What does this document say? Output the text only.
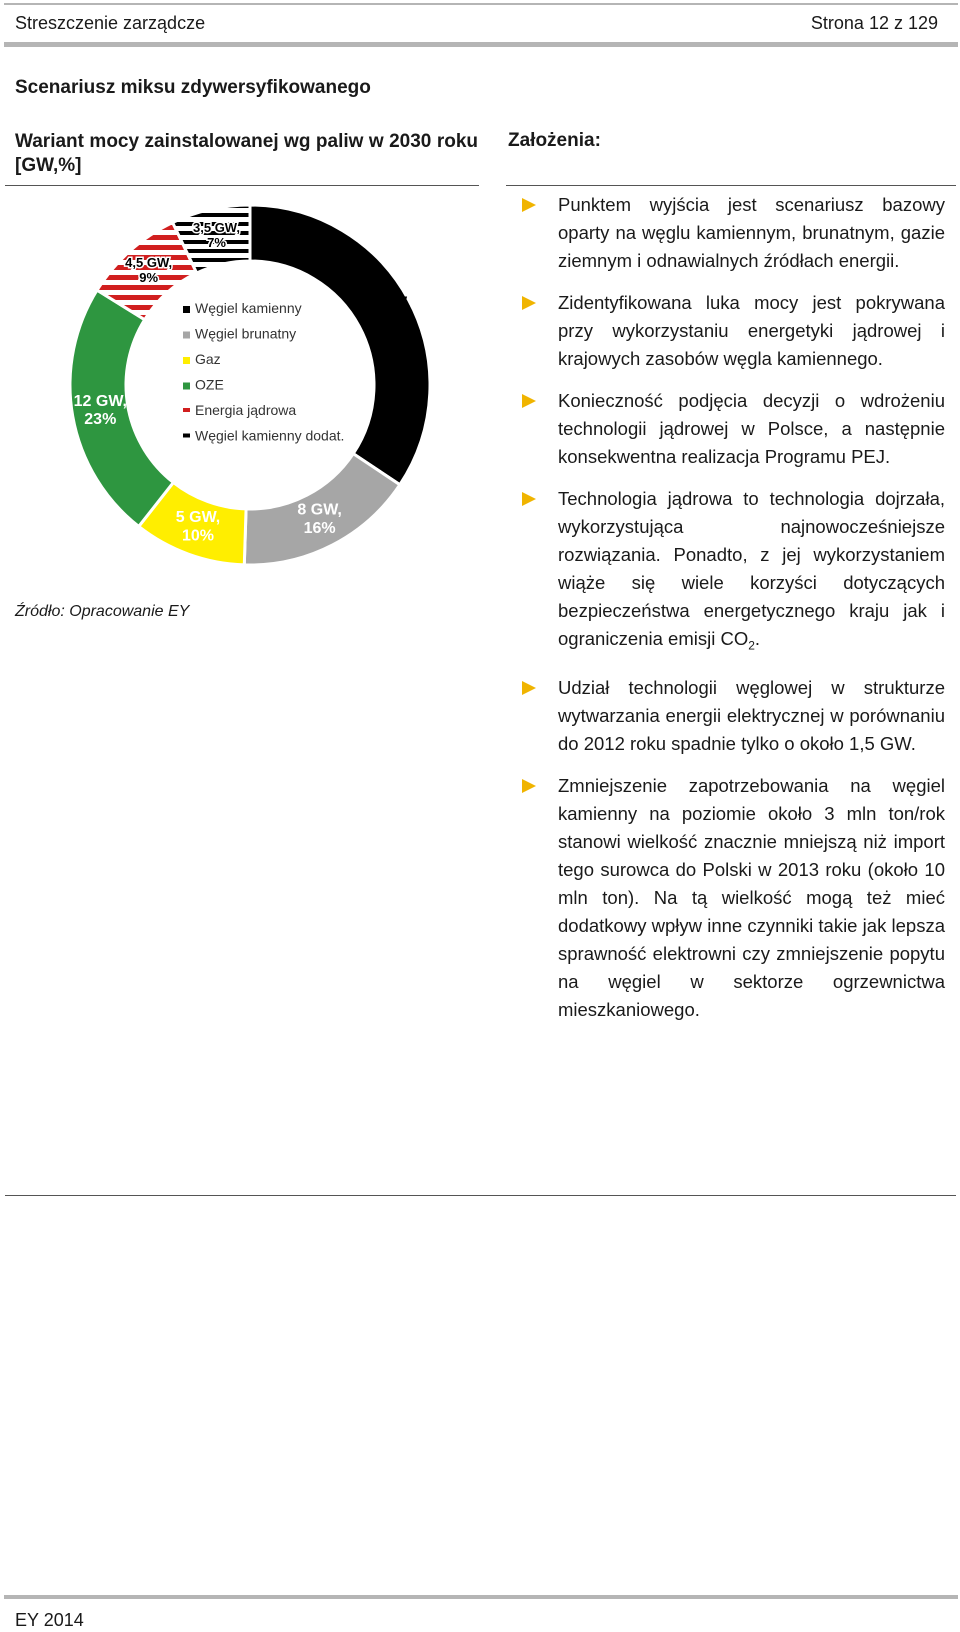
Streszczenie zarządcze	Strona 12 z 129
Scenariusz miksu zdywersyfikowanego
Wariant mocy zainstalowanej wg paliw w 2030 roku [GW,%]
Założenia:
17 GW, 34%
8 GW, 16%
5 GW, 10%
12 GW, 23%
4,5 GW, 9%
3,5 GW, 7%
Węgiel kamienny
Węgiel brunatny
Gaz
OZE
Energia jądrowa
Węgiel kamienny dodat.
Źródło: Opracowanie EY
Punktem wyjścia jest scenariusz bazowy oparty na węglu kamiennym, brunatnym, gazie ziemnym i odnawialnych źródłach energii.
Zidentyfikowana luka mocy jest pokrywana przy wykorzystaniu energetyki jądrowej i krajowych zasobów węgla kamiennego.
Konieczność podjęcia decyzji o wdrożeniu technologii jądrowej w Polsce, a następnie konsekwentna realizacja Programu PEJ.
Technologia jądrowa to technologia dojrzała, wykorzystująca najnowocześniejsze rozwiązania. Ponadto, z jej wykorzystaniem wiąże się wiele korzyści dotyczących bezpieczeństwa energetycznego kraju jak i ograniczenia emisji $CO_2$.
Udział technologii węglowej w strukturze wytwarzania energii elektrycznej w porównaniu do 2012 roku spadnie tylko o około 1,5 GW.
Zmniejszenie zapotrzebowania na węgiel kamienny na poziomie około 3 mln ton/rok stanowi wielkość znacznie mniejszą niż import tego surowca do Polski w 2013 roku (około 10 mln ton). Na tą wielkość mogą też mieć dodatkowy wpływ inne czynniki takie jak lepsza sprawność elektrowni czy zmniejszenie popytu na węgiel w sektorze ogrzewnictwa mieszkaniowego.
EY 2014
